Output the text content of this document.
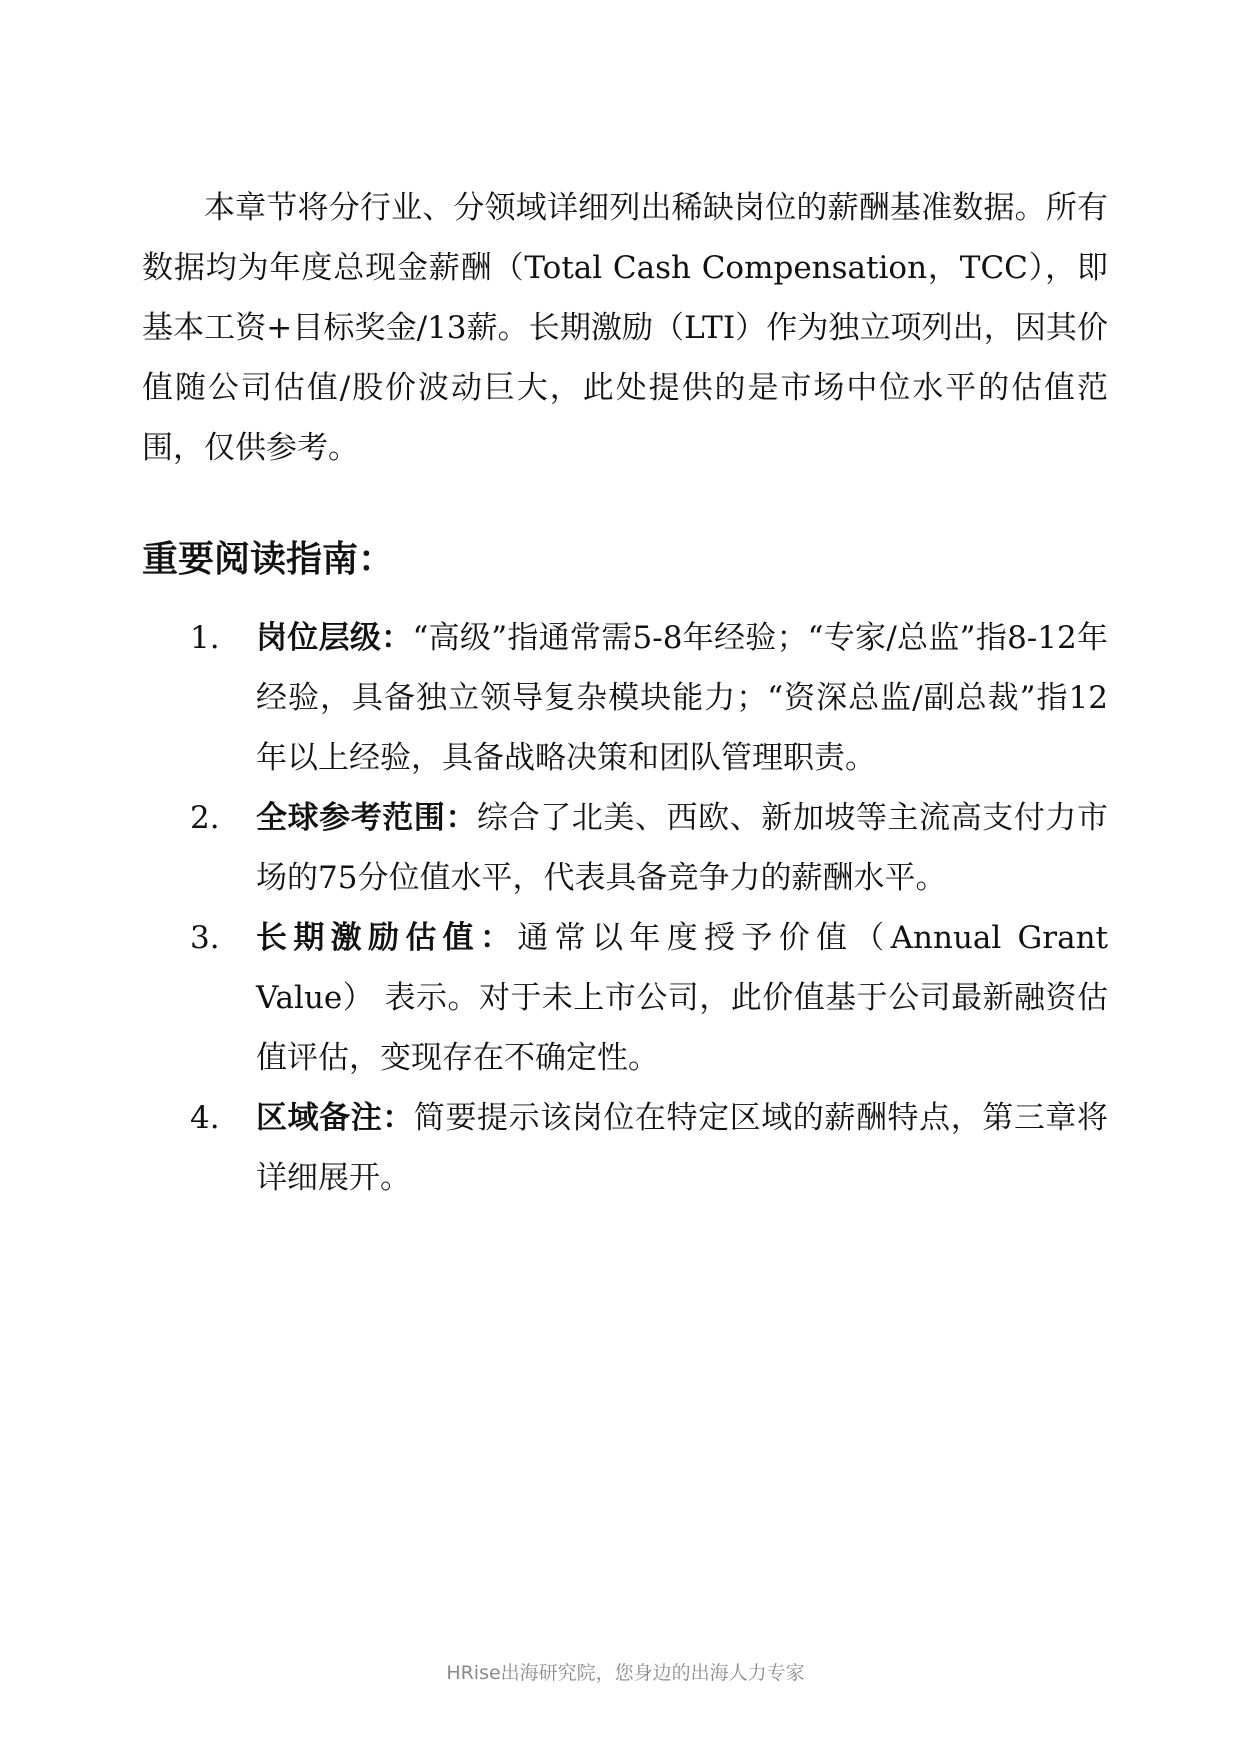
本章节将分行业、分领域详细列出稀缺岗位的薪酬基准数据。所有数据均为年度总现金薪酬（Total Cash Compensation，TCC），即基本工资+目标奖金/13薪。长期激励（LTI）作为独立项列出，因其价值随公司估值/股价波动巨大，此处提供的是市场中位水平的估值范围，仅供参考。

重要阅读指南：
1.	岗位层级：“高级”指通常需5-8年经验；“专家/总监”指8-12年经验，具备独立领导复杂模块能力；“资深总监/副总裁”指12年以上经验，具备战略决策和团队管理职责。
2.	全球参考范围：综合了北美、西欧、新加坡等主流高支付力市场的75分位值水平，代表具备竞争力的薪酬水平。
3.	长期激励估值：通常以年度授予价值（Annual Grant Value） 表示。对于未上市公司，此价值基于公司最新融资估值评估，变现存在不确定性。
4.	区域备注：简要提示该岗位在特定区域的薪酬特点，第三章将详细展开。
HRise出海研究院，您身边的出海人力专家
